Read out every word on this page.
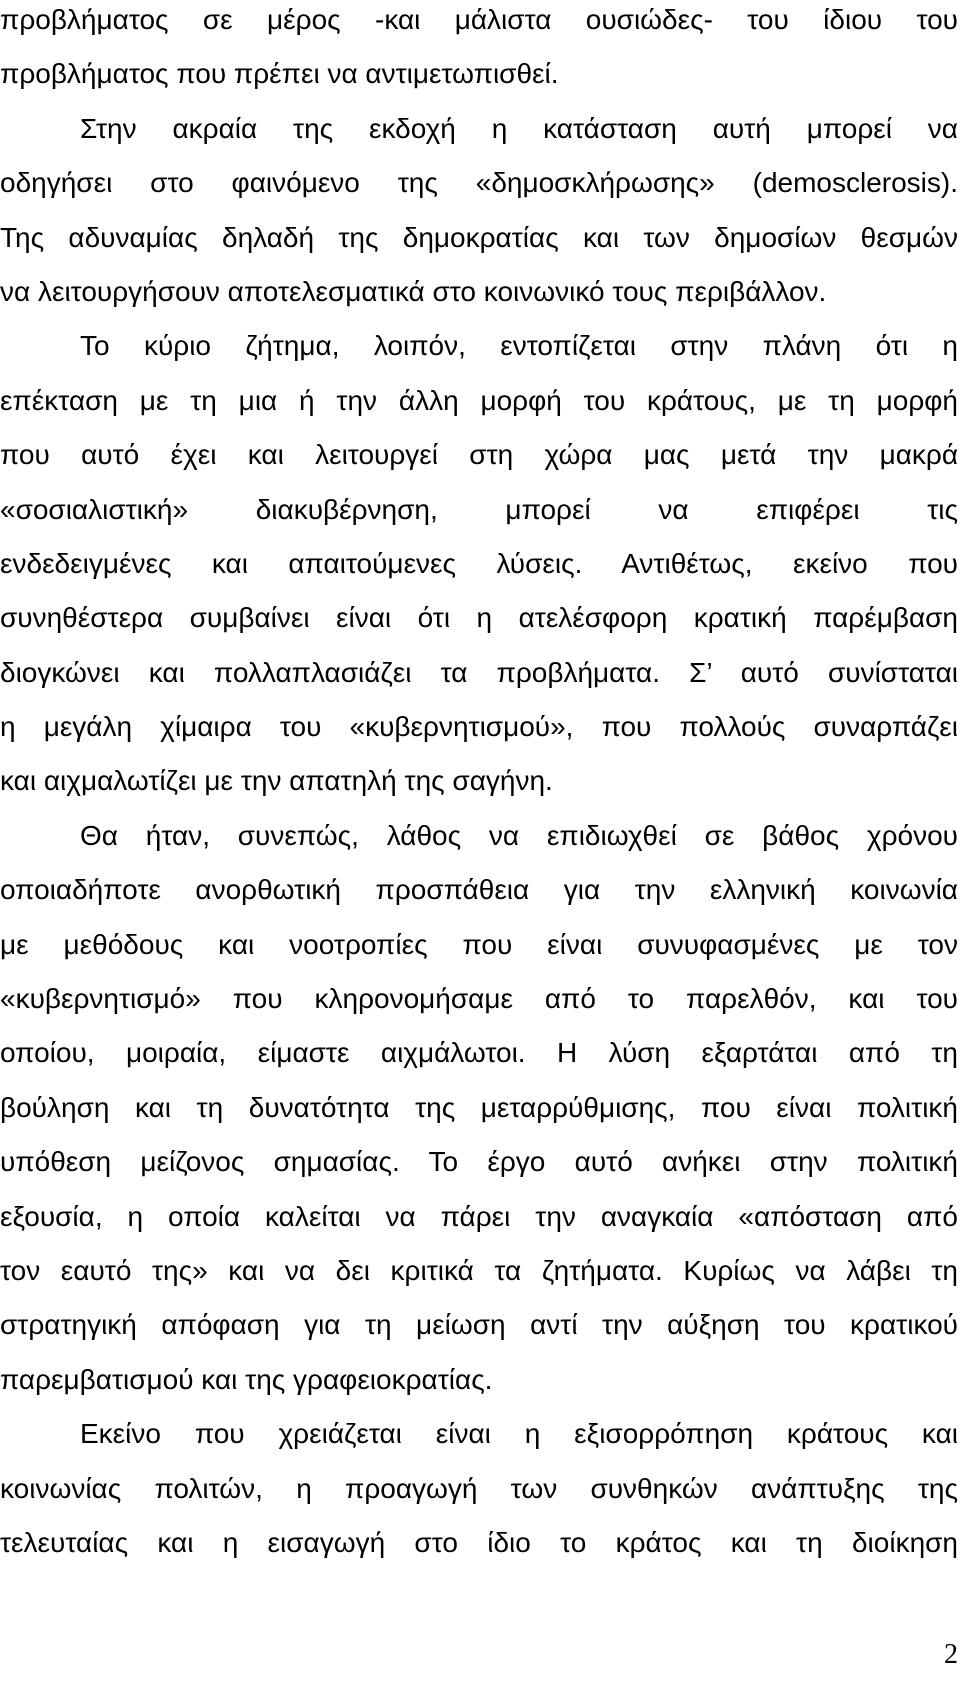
προβλήματος σε μέρος -και μάλιστα ουσιώδες- του ίδιου του
προβλήματος που πρέπει να αντιμετωπισθεί.
Στην ακραία της εκδοχή η κατάσταση αυτή μπορεί να
οδηγήσει στο φαινόμενο της «δημοσκλήρωσης» (demosclerosis).
Της αδυναμίας δηλαδή της δημοκρατίας και των δημοσίων θεσμών
να λειτουργήσουν αποτελεσματικά στο κοινωνικό τους περιβάλλον.
Το κύριο ζήτημα, λοιπόν, εντοπίζεται στην πλάνη ότι η
επέκταση με τη μια ή την άλλη μορφή του κράτους, με τη μορφή
που αυτό έχει και λειτουργεί στη χώρα μας μετά την μακρά
«σοσιαλιστική» διακυβέρνηση, μπορεί να επιφέρει τις
ενδεδειγμένες και απαιτούμενες λύσεις. Αντιθέτως, εκείνο που
συνηθέστερα συμβαίνει είναι ότι η ατελέσφορη κρατική παρέμβαση
διογκώνει και πολλαπλασιάζει τα προβλήματα. Σ’ αυτό συνίσταται
η μεγάλη χίμαιρα του «κυβερνητισμού», που πολλούς συναρπάζει
και αιχμαλωτίζει με την απατηλή της σαγήνη.
Θα ήταν, συνεπώς, λάθος να επιδιωχθεί σε βάθος χρόνου
οποιαδήποτε ανορθωτική προσπάθεια για την ελληνική κοινωνία
με μεθόδους και νοοτροπίες που είναι συνυφασμένες με τον
«κυβερνητισμό» που κληρονομήσαμε από το παρελθόν, και του
οποίου, μοιραία, είμαστε αιχμάλωτοι. Η λύση εξαρτάται από τη
βούληση και τη δυνατότητα της μεταρρύθμισης, που είναι πολιτική
υπόθεση μείζονος σημασίας. Το έργο αυτό ανήκει στην πολιτική
εξουσία, η οποία καλείται να πάρει την αναγκαία «απόσταση από
τον εαυτό της» και να δει κριτικά τα ζητήματα. Κυρίως να λάβει τη
στρατηγική απόφαση για τη μείωση αντί την αύξηση του κρατικού
παρεμβατισμού και της γραφειοκρατίας.
Εκείνο που χρειάζεται είναι η εξισορρόπηση κράτους και
κοινωνίας πολιτών, η προαγωγή των συνθηκών ανάπτυξης της
τελευταίας και η εισαγωγή στο ίδιο το κράτος και τη διοίκηση
2
